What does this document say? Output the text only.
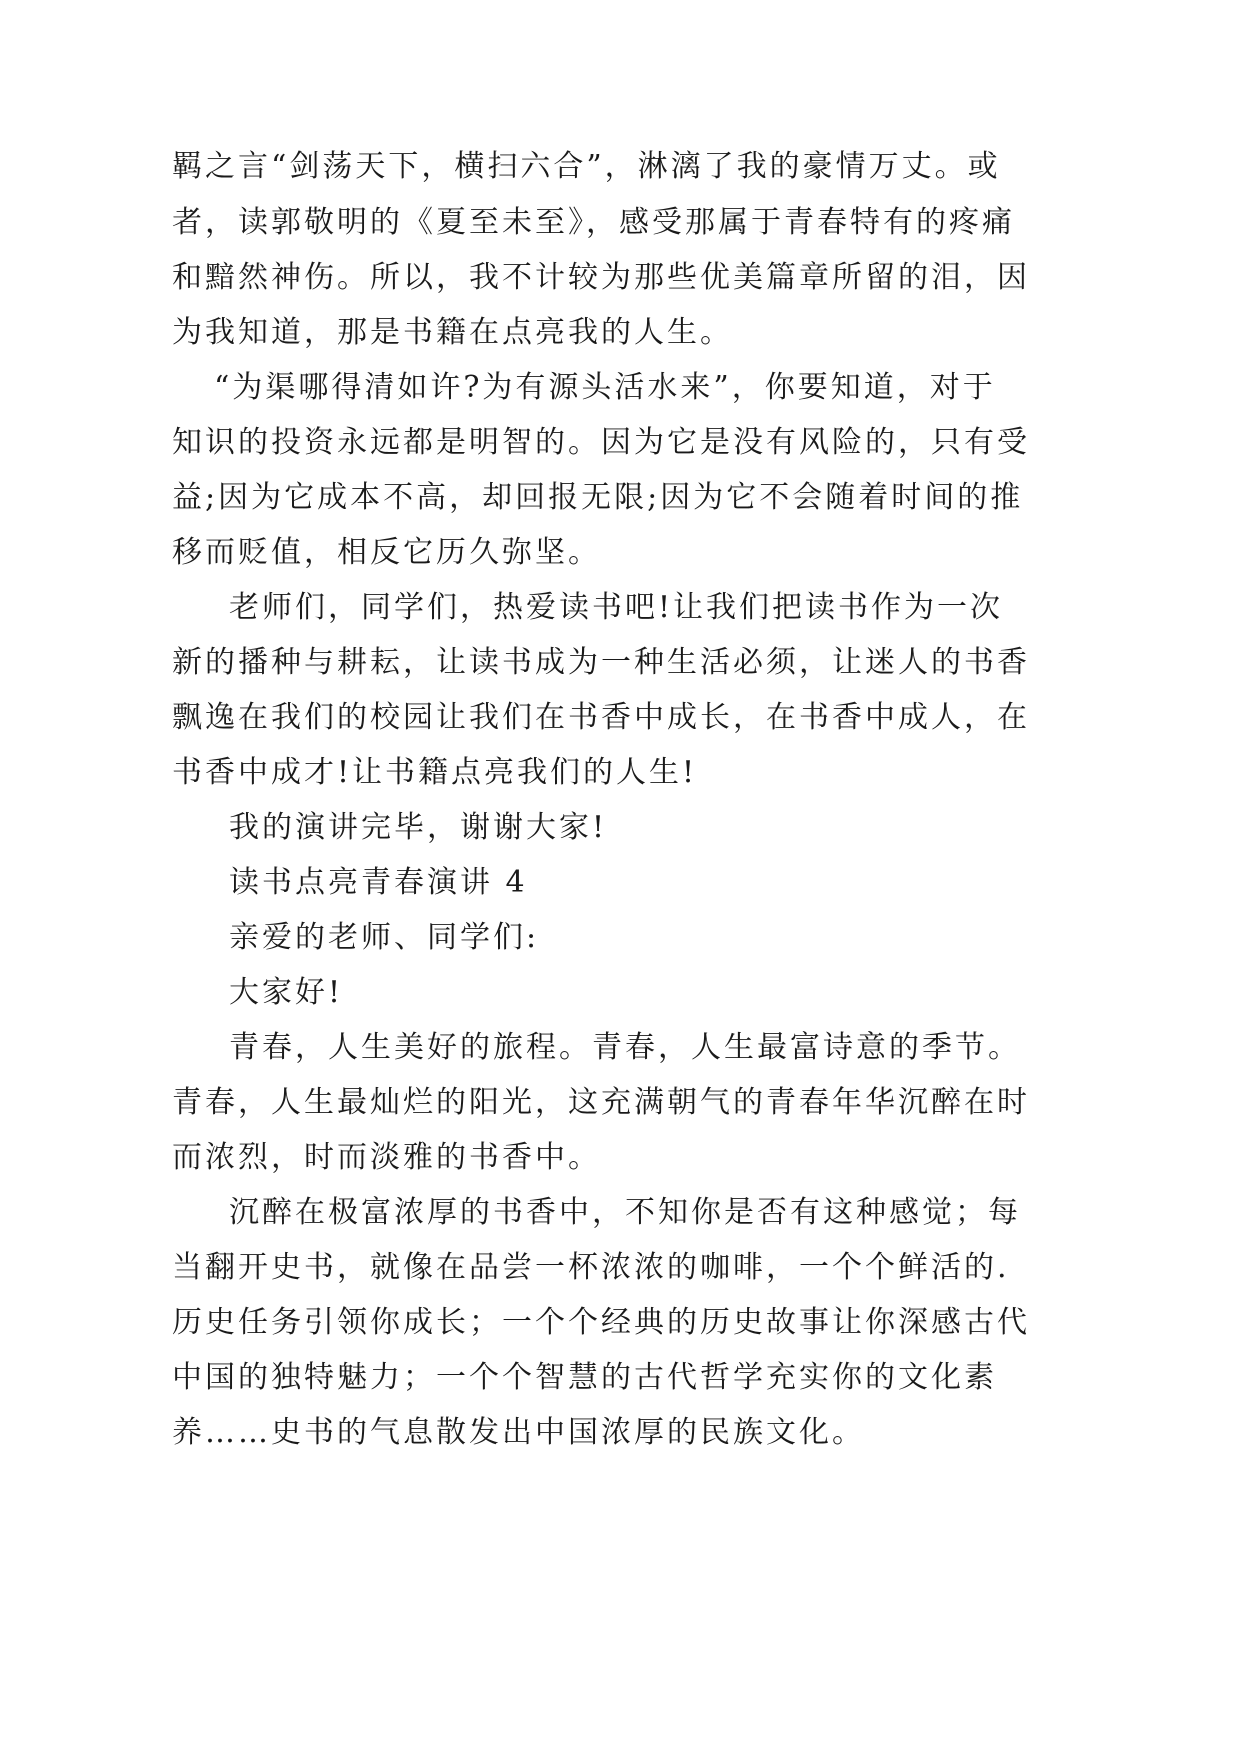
羁之言“剑荡天下，横扫六合”，淋漓了我的豪情万丈。或
者，读郭敬明的《夏至未至》，感受那属于青春特有的疼痛
和黯然神伤。所以，我不计较为那些优美篇章所留的泪，因
为我知道，那是书籍在点亮我的人生。
“为渠哪得清如许?为有源头活水来”，你要知道，对于
知识的投资永远都是明智的。因为它是没有风险的，只有受
益;因为它成本不高，却回报无限;因为它不会随着时间的推
移而贬值，相反它历久弥坚。
老师们，同学们，热爱读书吧!让我们把读书作为一次
新的播种与耕耘，让读书成为一种生活必须，让迷人的书香
飘逸在我们的校园让我们在书香中成长，在书香中成人，在
书香中成才!让书籍点亮我们的人生!
我的演讲完毕，谢谢大家!
读书点亮青春演讲 4
亲爱的老师、同学们:
大家好!
青春，人生美好的旅程。青春，人生最富诗意的季节。
青春，人生最灿烂的阳光，这充满朝气的青春年华沉醉在时
而浓烈，时而淡雅的书香中。
沉醉在极富浓厚的书香中，不知你是否有这种感觉；每
当翻开史书，就像在品尝一杯浓浓的咖啡，一个个鲜活的.
历史任务引领你成长；一个个经典的历史故事让你深感古代
中国的独特魅力；一个个智慧的古代哲学充实你的文化素
养……史书的气息散发出中国浓厚的民族文化。
